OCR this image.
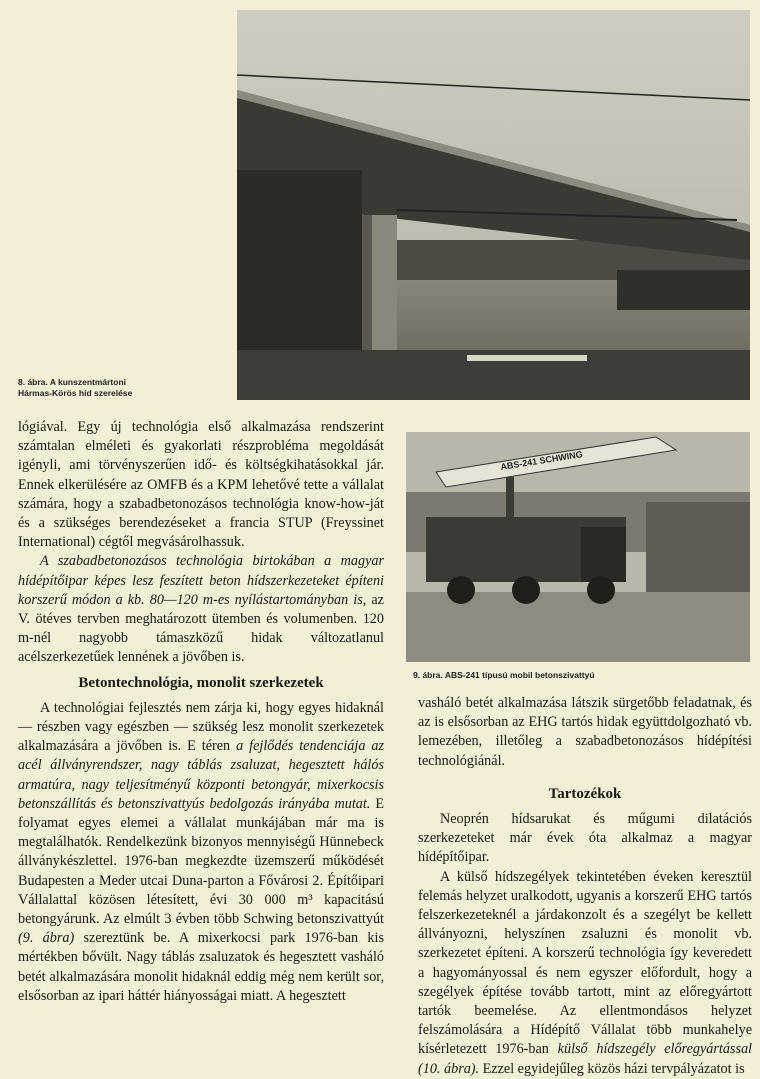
8. ábra. A kunszentmártoni
Hármas-Körös híd szerelése
ABS-241 SCHWING
9. ábra. ABS-241 típusú mobil betonszivattyú

lógiával. Egy új technológia első alkalmazása rendszerint számtalan elméleti és gyakorlati részprobléma megoldását igényli, ami törvényszerűen idő- és költségkihatásokkal jár. Ennek elkerülésére az OMFB és a KPM lehetővé tette a vállalat számára, hogy a szabadbetonozásos technológia know-how-ját és a szükséges berendezéseket a francia STUP (Freyssinet International) cégtől megvásárolhassuk.

A szabadbetonozásos technológia birtokában a magyar hídépítőipar képes lesz feszített beton hídszerkezeteket építeni korszerű módon a kb. 80—120 m-es nyílástartományban is, az V. ötéves tervben meghatározott ütemben és volumenben. 120 m-nél nagyobb támaszközű hidak változatlanul acélszerkezetűek lennének a jövőben is.

Betontechnológia, monolit szerkezetek

A technológiai fejlesztés nem zárja ki, hogy egyes hidaknál — részben vagy egészben — szükség lesz monolit szerkezetek alkalmazására a jövőben is. E téren a fejlődés tendenciája az acél állványrendszer, nagy táblás zsaluzat, hegesztett hálós armatúra, nagy teljesítményű központi betongyár, mixerkocsis betonszállítás és betonszivattyús bedolgozás irányába mutat. E folyamat egyes elemei a vállalat munkájában már ma is megtalálhatók. Rendelkezünk bizonyos mennyiségű Hünnebeck állványkészlettel. 1976-ban megkezdte üzemszerű működését Budapesten a Meder utcai Duna-parton a Fővárosi 2. Építőipari Vállalattal közösen létesített, évi 30 000 m³ kapacitású betongyárunk. Az elmúlt 3 évben több Schwing betonszivattyút (9. ábra) szereztünk be. A mixerkocsi park 1976-ban kis mértékben bővült. Nagy táblás zsaluzatok és hegesztett vasháló betét alkalmazására monolit hidaknál eddig még nem került sor, elsősorban az ipari háttér hiányosságai miatt. A hegesztett

vasháló betét alkalmazása látszik sürgetőbb feladatnak, és az is elsősorban az EHG tartós hidak együttdolgozható vb. lemezében, illetőleg a szabadbetonozásos hídépítési technológiánál.

Tartozékok

Neoprén hídsarukat és műgumi dilatációs szerkezeteket már évek óta alkalmaz a magyar hídépítőipar.

A külső hídszegélyek tekintetében éveken keresztül felemás helyzet uralkodott, ugyanis a korszerű EHG tartós felszerkezeteknél a járdakonzolt és a szegélyt be kellett állványozni, helyszínen zsaluzni és monolit vb. szerkezetet építeni. A korszerű technológia így keveredett a hagyományossal és nem egyszer előfordult, hogy a szegélyek építése tovább tartott, mint az előregyártott tartók beemelése. Az ellentmondásos helyzet felszámolására a Hídépítő Vállalat több munkahelye kísérletezett 1976-ban külső hídszegély előregyártással (10. ábra). Ezzel egyidejűleg közös házi tervpályázatot is
